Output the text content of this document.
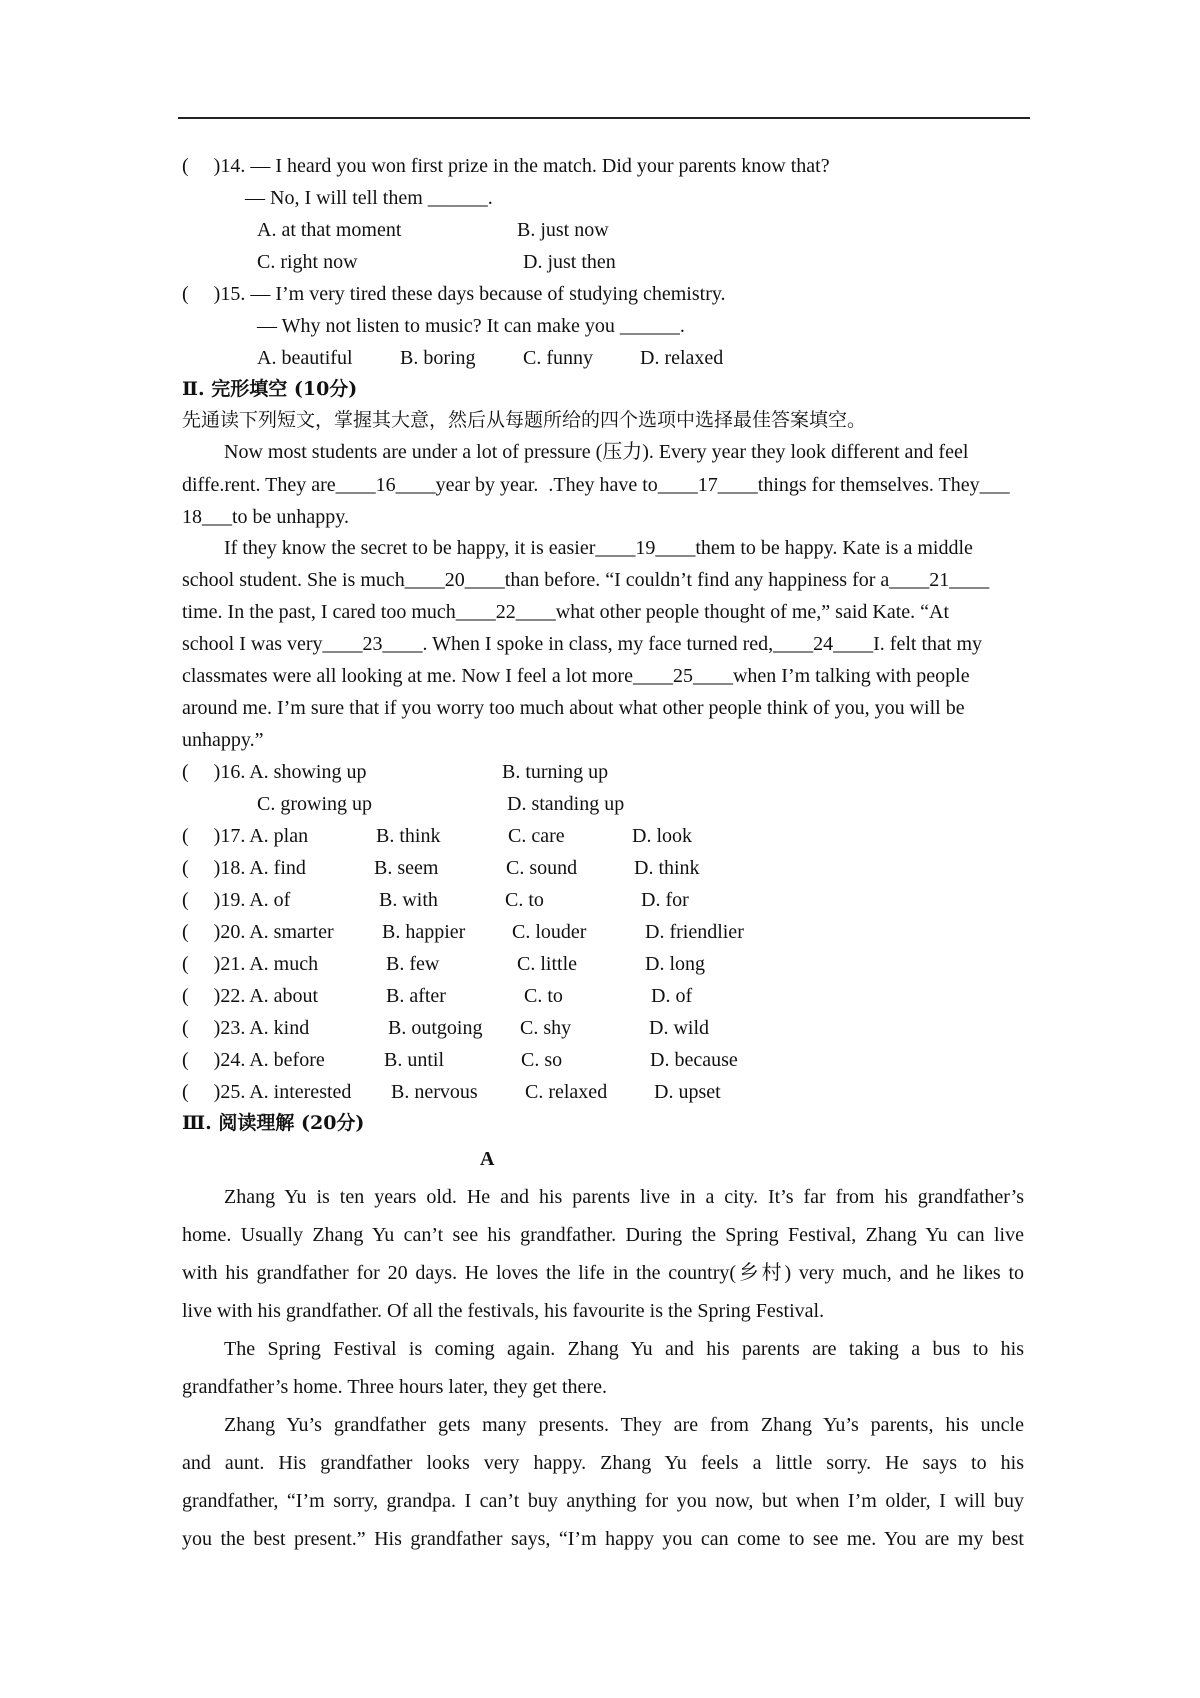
(     )14. — I heard you won first prize in the match. Did your parents know that?
— No, I will tell them ______.
A. at that moment	B. just now
C. right now	D. just then
(     )15. — I’m very tired these days because of studying chemistry.
— Why not listen to music? It can make you ______.
A. beautiful B. boring C. funny D. relaxed
Ⅱ. 完形填空 (10分)
先通读下列短文，掌握其大意，然后从每题所给的四个选项中选择最佳答案填空。
Now most students are under a lot of pressure (压力). Every year they look different and feel
diffe.rent. They are____16____year by year.  .They have to____17____things for themselves. They___
18___to be unhappy.
If they know the secret to be happy, it is easier____19____them to be happy. Kate is a middle
school student. She is much____20____than before. “I couldn’t find any happiness for a____21____
time. In the past, I cared too much____22____what other people thought of me,” said Kate. “At
school I was very____23____. When I spoke in class, my face turned red,____24____I. felt that my
classmates were all looking at me. Now I feel a lot more____25____when I’m talking with people
around me. I’m sure that if you worry too much about what other people think of you, you will be
unhappy.”
(     )16. A. showing up	B. turning up
C. growing up	D. standing up
(     )17. A. plan	B. think	C. care	D. look
(     )18. A. find	B. seem	C. sound	D. think
(     )19. A. of	B. with	C. to	D. for
(     )20. A. smarter B. happier C. louder	D. friendlier
(     )21. A. much	B. few	C. little	D. long
(     )22. A. about	B. after	C. to	D. of
(     )23. A. kind	B. outgoing C. shy	D. wild
(     )24. A. before	B. until	C. so	D. because
(     )25. A. interested B. nervous C. relaxed D. upset
Ⅲ. 阅读理解 (20分)
A
Zhang Yu is ten years old. He and his parents live in a city. It’s far from his grandfather’s
home. Usually Zhang Yu can’t see his grandfather. During the Spring Festival, Zhang Yu can live
with his grandfather for 20 days. He loves the life in the country(乡村) very much, and he likes to
live with his grandfather. Of all the festivals, his favourite is the Spring Festival.
The Spring Festival is coming again. Zhang Yu and his parents are taking a bus to his
grandfather’s home. Three hours later, they get there.
Zhang Yu’s grandfather gets many presents. They are from Zhang Yu’s parents, his uncle
and aunt. His grandfather looks very happy. Zhang Yu feels a little sorry. He says to his
grandfather, “I’m sorry, grandpa. I can’t buy anything for you now, but when I’m older, I will buy
you the best present.” His grandfather says, “I’m happy you can come to see me. You are my best
